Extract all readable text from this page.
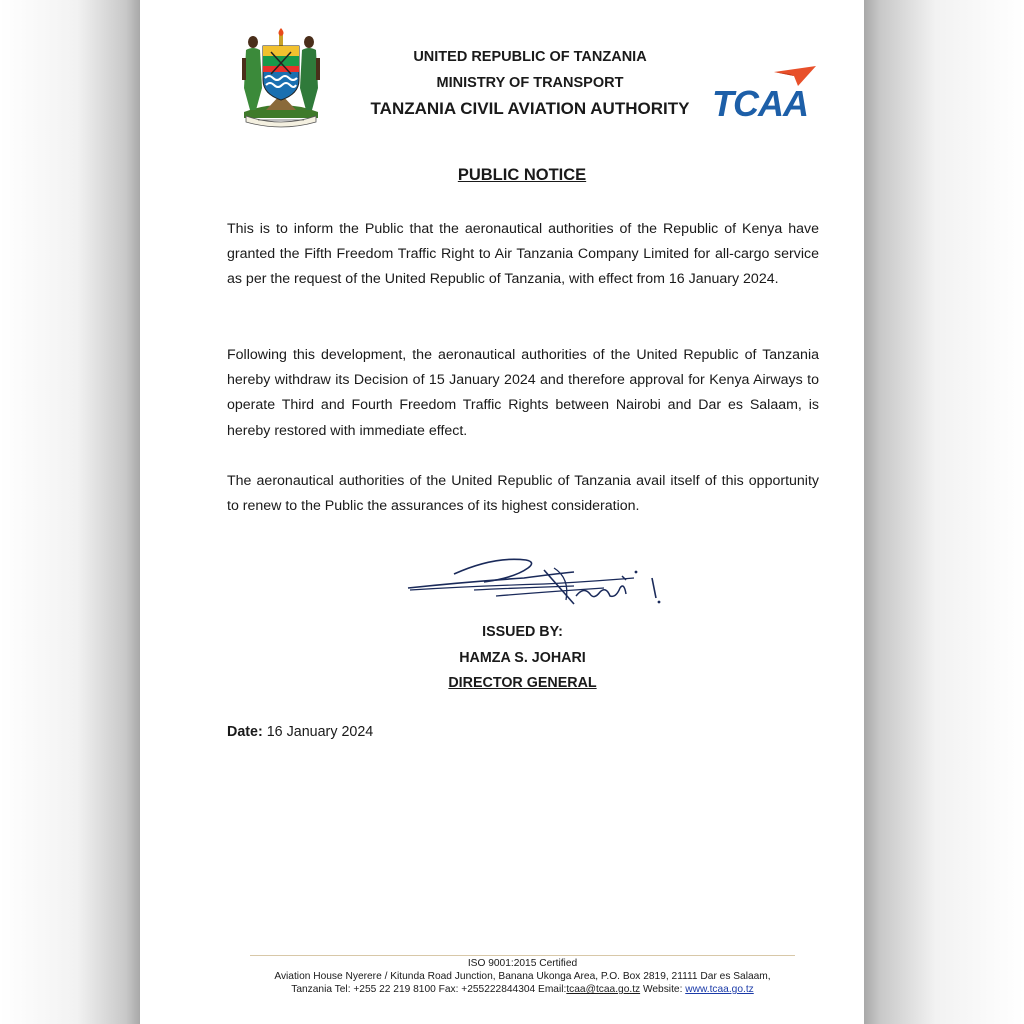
UNITED REPUBLIC OF TANZANIA
MINISTRY OF TRANSPORT
TANZANIA CIVIL AVIATION AUTHORITY TCAA
PUBLIC NOTICE

This is to inform the Public that the aeronautical authorities of the Republic of Kenya have granted the Fifth Freedom Traffic Right to Air Tanzania Company Limited for all-cargo service as per the request of the United Republic of Tanzania, with effect from 16 January 2024.

Following this development, the aeronautical authorities of the United Republic of Tanzania hereby withdraw its Decision of 15 January 2024 and therefore approval for Kenya Airways to operate Third and Fourth Freedom Traffic Rights between Nairobi and Dar es Salaam, is hereby restored with immediate effect.

The aeronautical authorities of the United Republic of Tanzania avail itself of this opportunity to renew to the Public the assurances of its highest consideration.

ISSUED BY:
HAMZA S. JOHARI
DIRECTOR GENERAL
Date: 16 January 2024
ISO 9001:2015 Certified
Aviation House Nyerere / Kitunda Road Junction, Banana Ukonga Area, P.O. Box 2819, 21111 Dar es Salaam,
Tanzania Tel: +255 22 219 8100 Fax: +255222844304 Email:tcaa@tcaa.go.tz Website: www.tcaa.go.tz
